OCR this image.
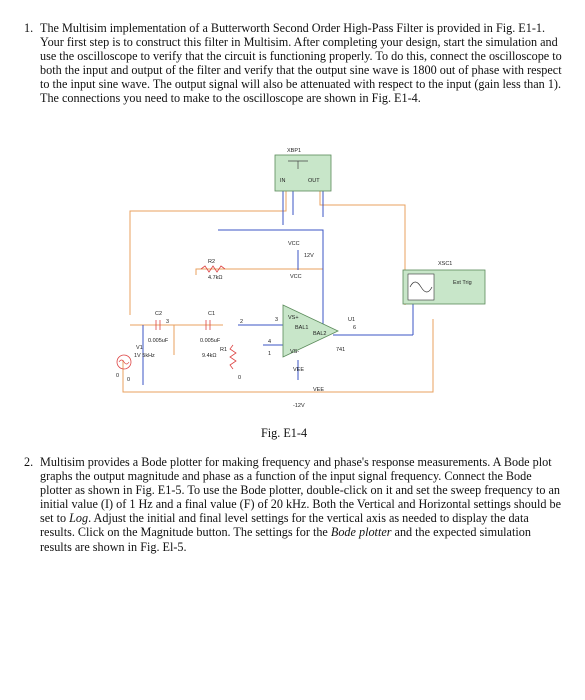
1. The Multisim implementation of a Butterworth Second Order High-Pass Filter is provided in Fig. E1-1. Your first step is to construct this filter in Multisim. After completing your design, start the simulation and use the oscilloscope to verify that the circuit is functioning properly. To do this, connect the oscilloscope to both the input and output of the filter and verify that the output sine wave is 1800 out of phase with respect to the input sine wave. The output signal will also be attenuated with respect to the input (gain less than 1). The connections you need to make to the oscilloscope are shown in Fig. E1-4.

XBP1
IN	OUT
VCC
12V
VCC
R2
4.7kΩ
C2
0.005uF
C1
0.005uF
R1
9.4kΩ
V1
1V 5kHz
VS+
BAL1
BAL2
VS-
U1
741
VEE
VEE
-12V
XSC1
Ext Trig
3	2	3
4
6
1
0
0	0
Fig. E1-4
2. Multisim provides a Bode plotter for making frequency and phase's response measurements. A Bode plot graphs the output magnitude and phase as a function of the input signal frequency. Connect the Bode plotter as shown in Fig. E1-5. To use the Bode plotter, double-click on it and set the sweep frequency to an initial value (I) of 1 Hz and a final value (F) of 20 kHz. Both the Vertical and Horizontal settings should be set to Log. Adjust the initial and final level settings for the vertical axis as needed to display the data results. Click on the Magnitude button. The settings for the Bode plotter and the expected simulation results are shown in Fig. El-5.
